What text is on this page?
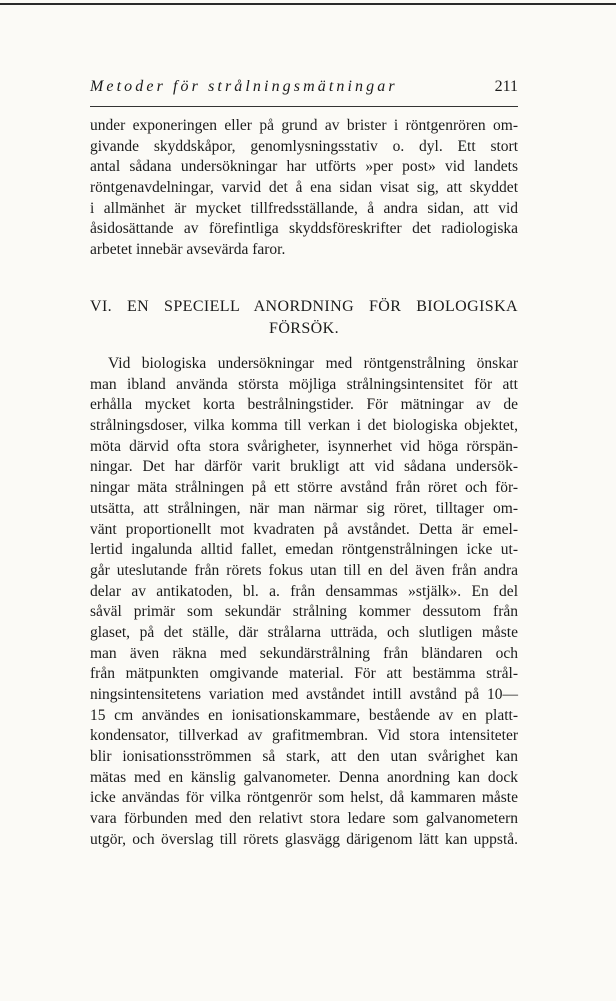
Metoder för strålningsmätningar	211
under exponeringen eller på grund av brister i röntgenrören om-
givande skyddskåpor, genomlysningsstativ o. dyl. Ett stort
antal sådana undersökningar har utförts »per post» vid landets
röntgenavdelningar, varvid det å ena sidan visat sig, att skyddet
i allmänhet är mycket tillfredsställande, å andra sidan, att vid
åsidosättande av förefintliga skyddsföreskrifter det radiologiska
arbetet innebär avsevärda faror.
VI. EN SPECIELL ANORDNING FÖR BIOLOGISKA
FÖRSÖK.
Vid biologiska undersökningar med röntgenstrålning önskar
man ibland använda största möjliga strålningsintensitet för att
erhålla mycket korta bestrålningstider. För mätningar av de
strålningsdoser, vilka komma till verkan i det biologiska objektet,
möta därvid ofta stora svårigheter, isynnerhet vid höga rörspän-
ningar. Det har därför varit brukligt att vid sådana undersök-
ningar mäta strålningen på ett större avstånd från röret och för-
utsätta, att strålningen, när man närmar sig röret, tilltager om-
vänt proportionellt mot kvadraten på avståndet. Detta är emel-
lertid ingalunda alltid fallet, emedan röntgenstrålningen icke ut-
går uteslutande från rörets fokus utan till en del även från andra
delar av antikatoden, bl. a. från densammas »stjälk». En del
såväl primär som sekundär strålning kommer dessutom från
glaset, på det ställe, där strålarna utträda, och slutligen måste
man även räkna med sekundärstrålning från bländaren och
från mätpunkten omgivande material. För att bestämma strål-
ningsintensitetens variation med avståndet intill avstånd på 10—
15 cm användes en ionisationskammare, bestående av en platt-
kondensator, tillverkad av grafitmembran. Vid stora intensiteter
blir ionisationsströmmen så stark, att den utan svårighet kan
mätas med en känslig galvanometer. Denna anordning kan dock
icke användas för vilka röntgenrör som helst, då kammaren måste
vara förbunden med den relativt stora ledare som galvanometern
utgör, och överslag till rörets glasvägg därigenom lätt kan uppstå.
